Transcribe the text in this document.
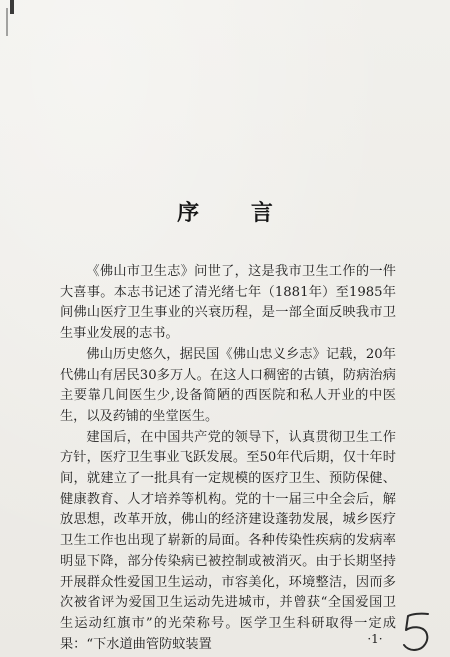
序 言

《佛山市卫生志》问世了，这是我市卫生工作的一件大喜事。本志书记述了清光绪七年（1881年）至1985年间佛山医疗卫生事业的兴衰历程，是一部全面反映我市卫生事业发展的志书。

佛山历史悠久，据民国《佛山忠义乡志》记载，20年代佛山有居民30多万人。在这人口稠密的古镇，防病治病主要靠几间医生少,设备简陋的西医院和私人开业的中医生，以及药铺的坐堂医生。

建国后，在中国共产党的领导下，认真贯彻卫生工作方针，医疗卫生事业飞跃发展。至50年代后期，仅十年时间，就建立了一批具有一定规模的医疗卫生、预防保健、健康教育、人才培养等机构。党的十一届三中全会后，解放思想，改革开放，佛山的经济建设蓬勃发展，城乡医疗卫生工作也出现了崭新的局面。各种传染性疾病的发病率明显下降，部分传染病已被控制或被消灭。由于长期坚持开展群众性爱国卫生运动，市容美化，环境整洁，因而多次被省评为爱国卫生运动先进城市，并曾获“全国爱国卫生运动红旗市”的光荣称号。医学卫生科研取得一定成果：“下水道曲管防蚊装置	·1·
